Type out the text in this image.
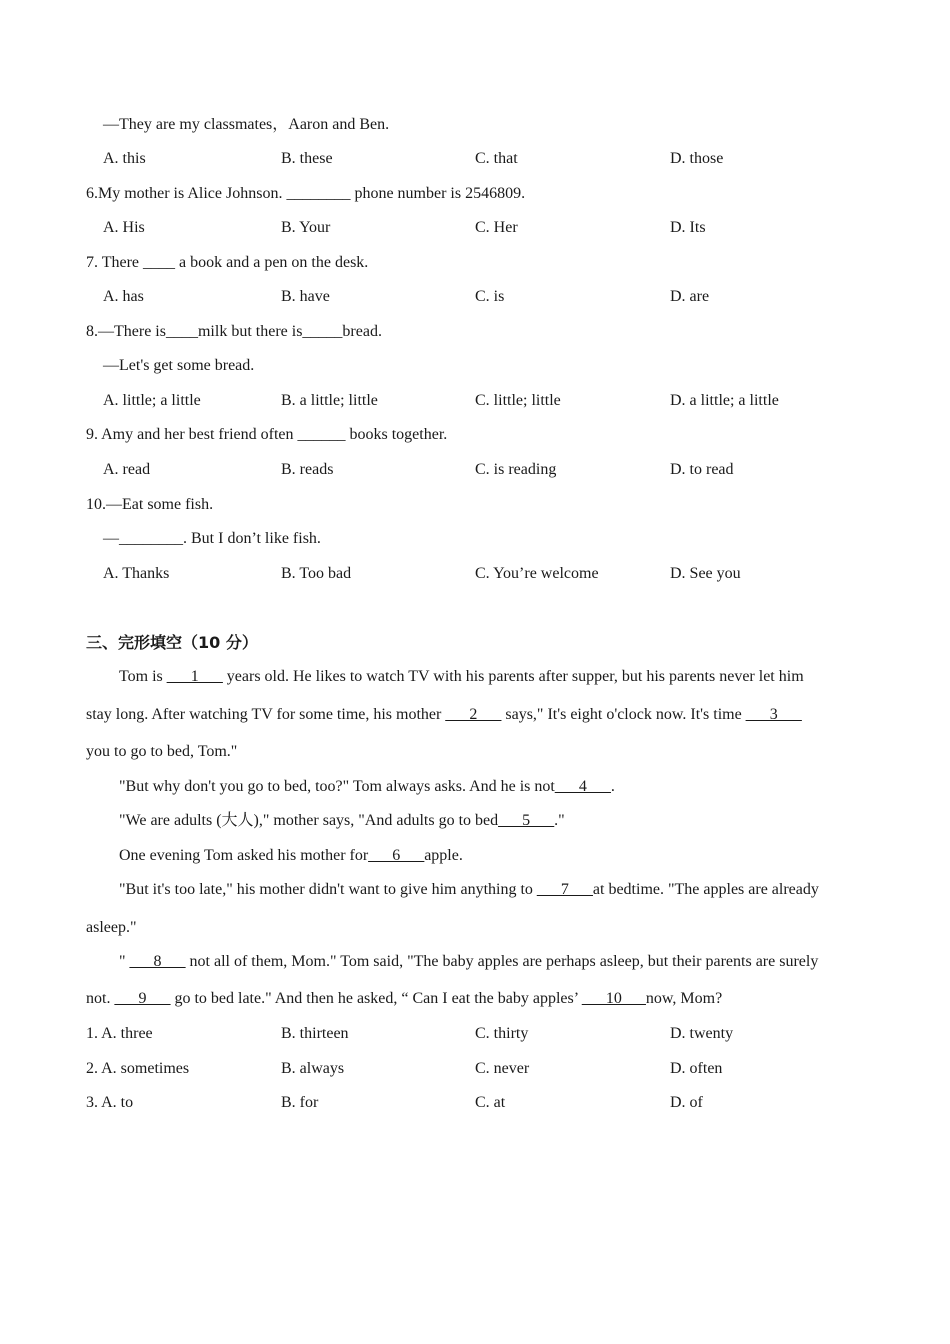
—They are my classmates，Aaron and Ben.
A. this	B. these	C. that	D. those
6.My mother is Alice Johnson. ________ phone number is 2546809.
A. His	B. Your	C. Her	D. Its
7. There ____ a book and a pen on the desk.
A. has	B. have	C. is	D. are
8.—There is____milk but there is_____bread.
—Let's get some bread.
A. little; a little	B. a little; little	C. little; little	D. a little; a little
9. Amy and her best friend often ______ books together.
A. read	B. reads	C. is reading	D. to read
10.—Eat some fish.
—________. But I don’t like fish.
A. Thanks	B. Too bad	C. You’re welcome	D. See you
三、完形填空（10 分）
Tom is ___1___ years old. He likes to watch TV with his parents after supper, but his parents never let him
stay long. After watching TV for some time, his mother ___2___ says," It's eight o'clock now. It's time ___3___
you to go to bed, Tom."
"But why don't you go to bed, too?" Tom always asks. And he is not___4___.
"We are adults (大人)," mother says, "And adults go to bed___5___."
One evening Tom asked his mother for___6___apple.
"But it's too late," his mother didn't want to give him anything to ___7___at bedtime. "The apples are already
asleep."
" ___8___ not all of them, Mom." Tom said, "The baby apples are perhaps asleep, but their parents are surely
not. ___9___ go to bed late." And then he asked, “ Can I eat the baby apples’ ___10___now, Mom?
1. A. three	B. thirteen	C. thirty	D. twenty
2. A. sometimes	B. always	C. never	D. often
3. A. to	B. for	C. at	D. of
